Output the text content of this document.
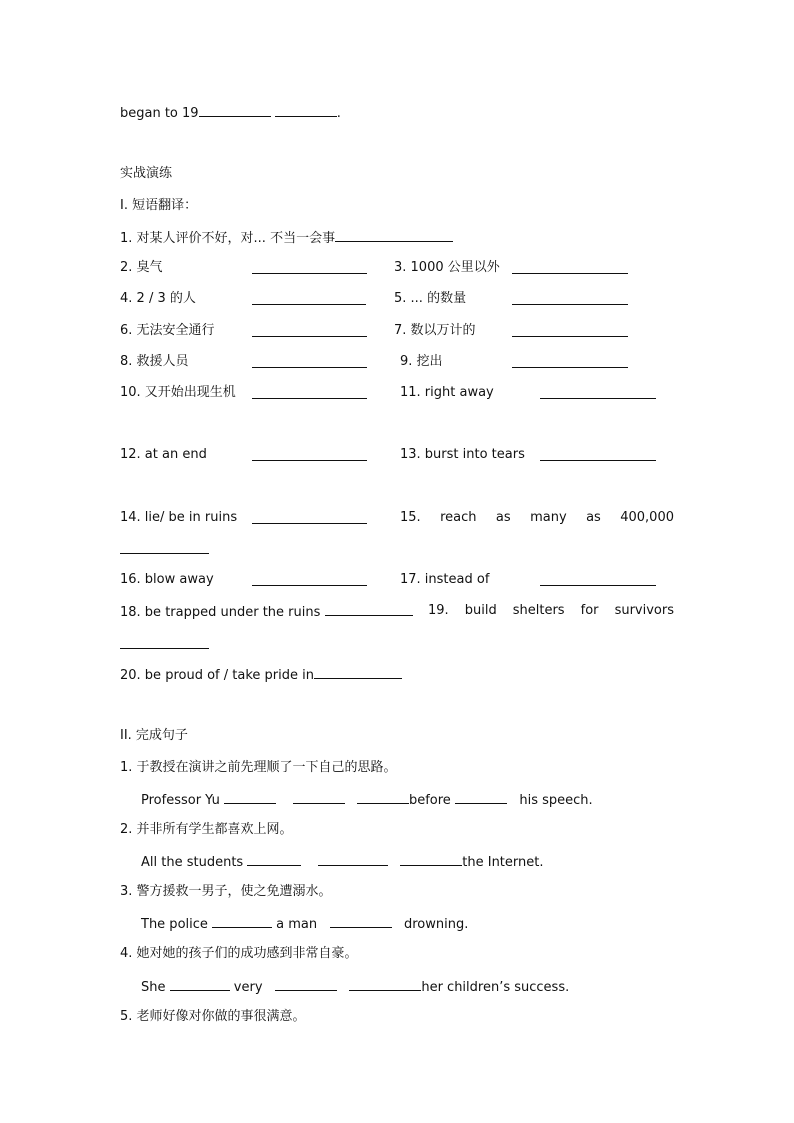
began to 19	.
实战演练
I. 短语翻译：
1. 对某人评价不好，对... 不当一会事
2. 臭气	3. 1000 公里以外
4. 2 / 3 的人	5. ... 的数量
6. 无法安全通行	7. 数以万计的
8. 救援人员	9. 挖出
10. 又开始出现生机	11. right away
12. at an end	13. burst into tears
14. lie/ be in ruins	15. reach as many as 400,000
16. blow away	17. instead of
18. be trapped under the ruins	19. build shelters for survivors
20. be proud of / take pride in
II. 完成句子
1. 于教授在演讲之前先理顺了一下自己的思路。
Professor Yu	before	his speech.
2. 并非所有学生都喜欢上网。
All the students	the Internet.
3. 警方援救一男子，使之免遭溺水。
The police	a man	drowning.
4. 她对她的孩子们的成功感到非常自豪。
She	very	her children’s success.
5. 老师好像对你做的事很满意。
